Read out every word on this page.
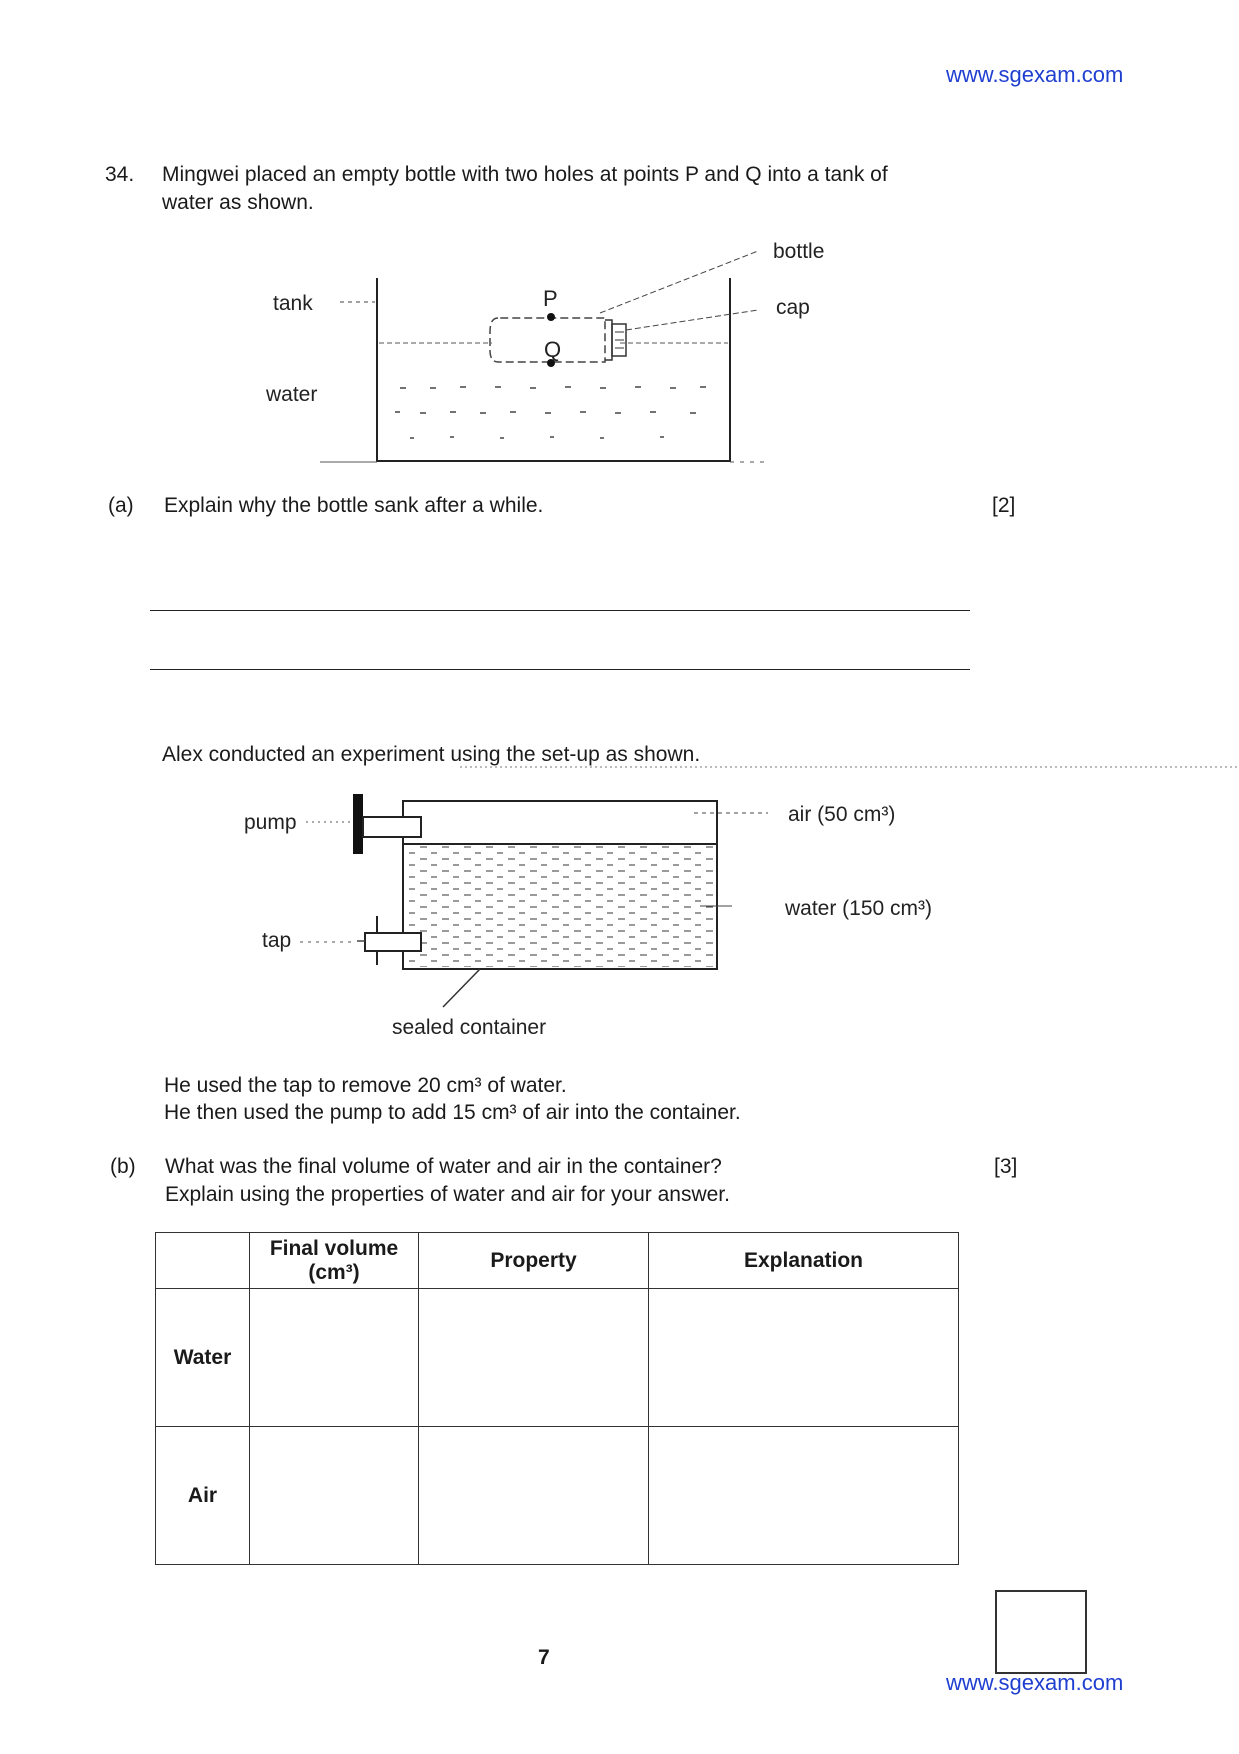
www.sgexam.com
34. Mingwei placed an empty bottle with two holes at points P and Q into a tank of
water as shown.
bottle
tank	cap
water
P
Q
(a) Explain why the bottle sank after a while.	[2]
Alex conducted an experiment using the set-up as shown.
pump
tap
air (50 cm³)
water (150 cm³)
sealed container
He used the tap to remove 20 cm³ of water.
He then used the pump to add 15 cm³ of air into the container.
(b) What was the final volume of water and air in the container?
Explain using the properties of water and air for your answer.
[3]
	Final volume
(cm³)	Property	Explanation
Water			
Air			
7
www.sgexam.com
